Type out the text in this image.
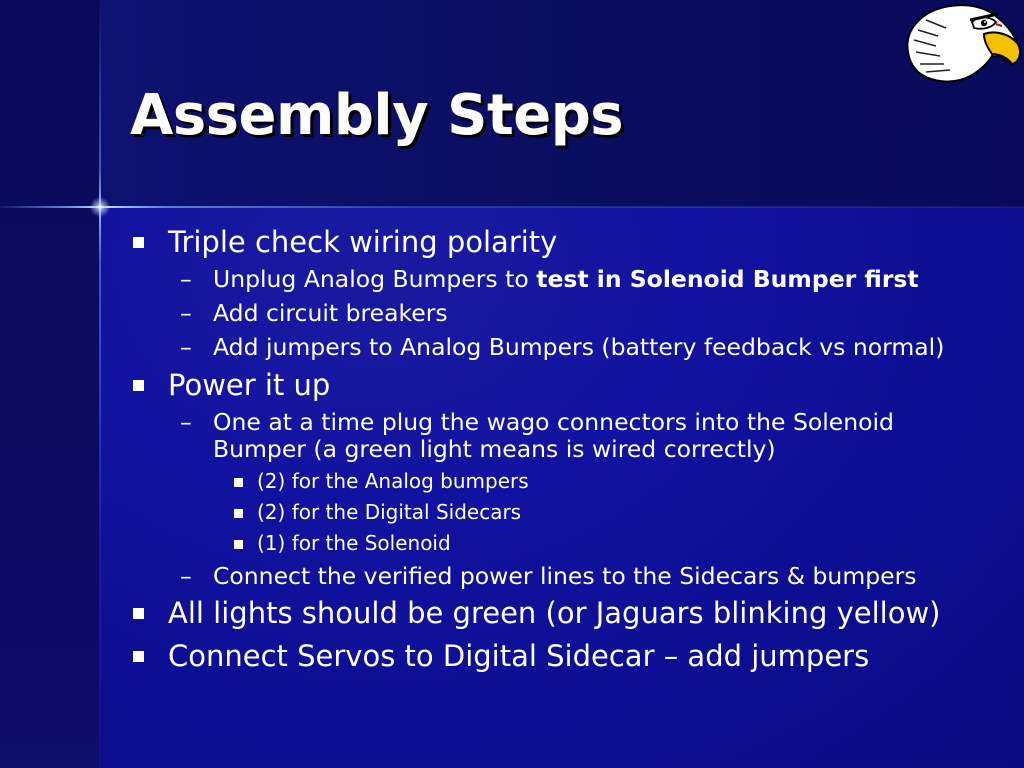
Assembly Steps
Triple check wiring polarity
– Unplug Analog Bumpers to test in Solenoid Bumper first
– Add circuit breakers
– Add jumpers to Analog Bumpers (battery feedback vs normal)
Power it up
– One at a time plug the wago connectors into the Solenoid
Bumper (a green light means is wired correctly)
(2) for the Analog bumpers
(2) for the Digital Sidecars
(1) for the Solenoid
– Connect the verified power lines to the Sidecars & bumpers
All lights should be green (or Jaguars blinking yellow)
Connect Servos to Digital Sidecar – add jumpers
